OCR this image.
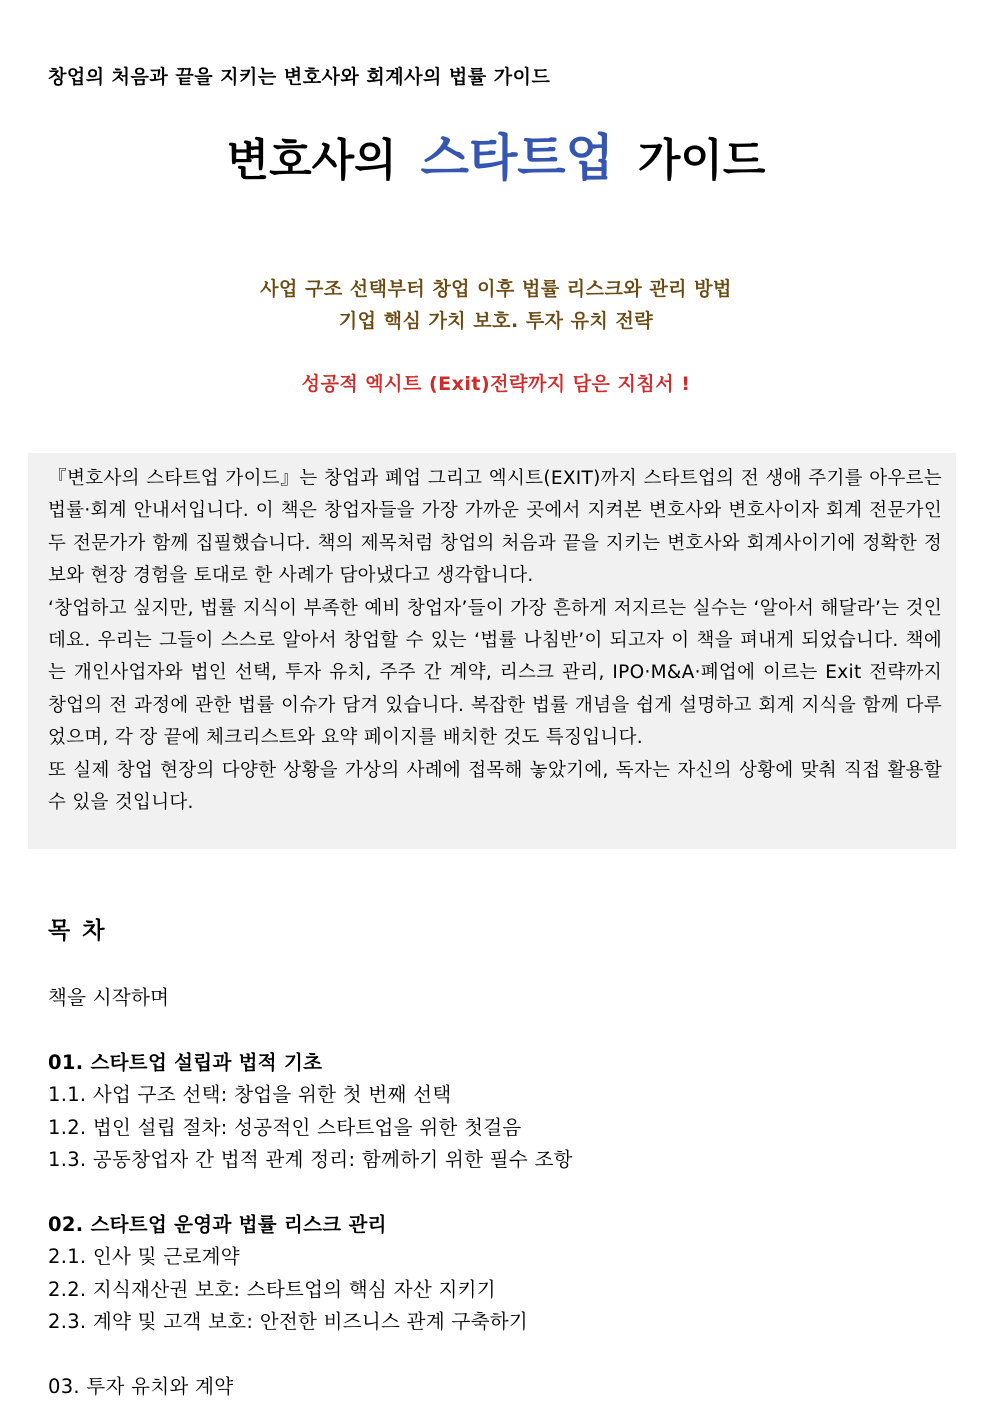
창업의 처음과 끝을 지키는 변호사와 회계사의 법률 가이드
변호사의 스타트업 가이드
사업 구조 선택부터 창업 이후 법률 리스크와 관리 방법
기업 핵심 가치 보호. 투자 유치 전략
성공적 엑시트 (Exit)전략까지 담은 지침서 !

『변호사의 스타트업 가이드』는 창업과 폐업 그리고 엑시트(EXIT)까지 스타트업의 전 생애 주기를 아우르는 법률·회계 안내서입니다. 이 책은 창업자들을 가장 가까운 곳에서 지켜본 변호사와 변호사이자 회계 전문가인 두 전문가가 함께 집필했습니다. 책의 제목처럼 창업의 처음과 끝을 지키는 변호사와 회계사이기에 정확한 정보와 현장 경험을 토대로 한 사례가 담아냈다고 생각합니다.

‘창업하고 싶지만, 법률 지식이 부족한 예비 창업자’들이 가장 흔하게 저지르는 실수는 ‘알아서 해달라’는 것인데요. 우리는 그들이 스스로 알아서 창업할 수 있는 ‘법률 나침반’이 되고자 이 책을 펴내게 되었습니다. 책에는 개인사업자와 법인 선택, 투자 유치, 주주 간 계약, 리스크 관리, IPO·M&A·폐업에 이르는 Exit 전략까지 창업의 전 과정에 관한 법률 이슈가 담겨 있습니다. 복잡한 법률 개념을 쉽게 설명하고 회계 지식을 함께 다루었으며, 각 장 끝에 체크리스트와 요약 페이지를 배치한 것도 특징입니다.

또 실제 창업 현장의 다양한 상황을 가상의 사례에 접목해 놓았기에, 독자는 자신의 상황에 맞춰 직접 활용할 수 있을 것입니다.

목 차
책을 시작하며
01. 스타트업 설립과 법적 기초
1.1. 사업 구조 선택: 창업을 위한 첫 번째 선택
1.2. 법인 설립 절차: 성공적인 스타트업을 위한 첫걸음
1.3. 공동창업자 간 법적 관계 정리: 함께하기 위한 필수 조항
02. 스타트업 운영과 법률 리스크 관리
2.1. 인사 및 근로계약
2.2. 지식재산권 보호: 스타트업의 핵심 자산 지키기
2.3. 계약 및 고객 보호: 안전한 비즈니스 관계 구축하기
03. 투자 유치와 계약
